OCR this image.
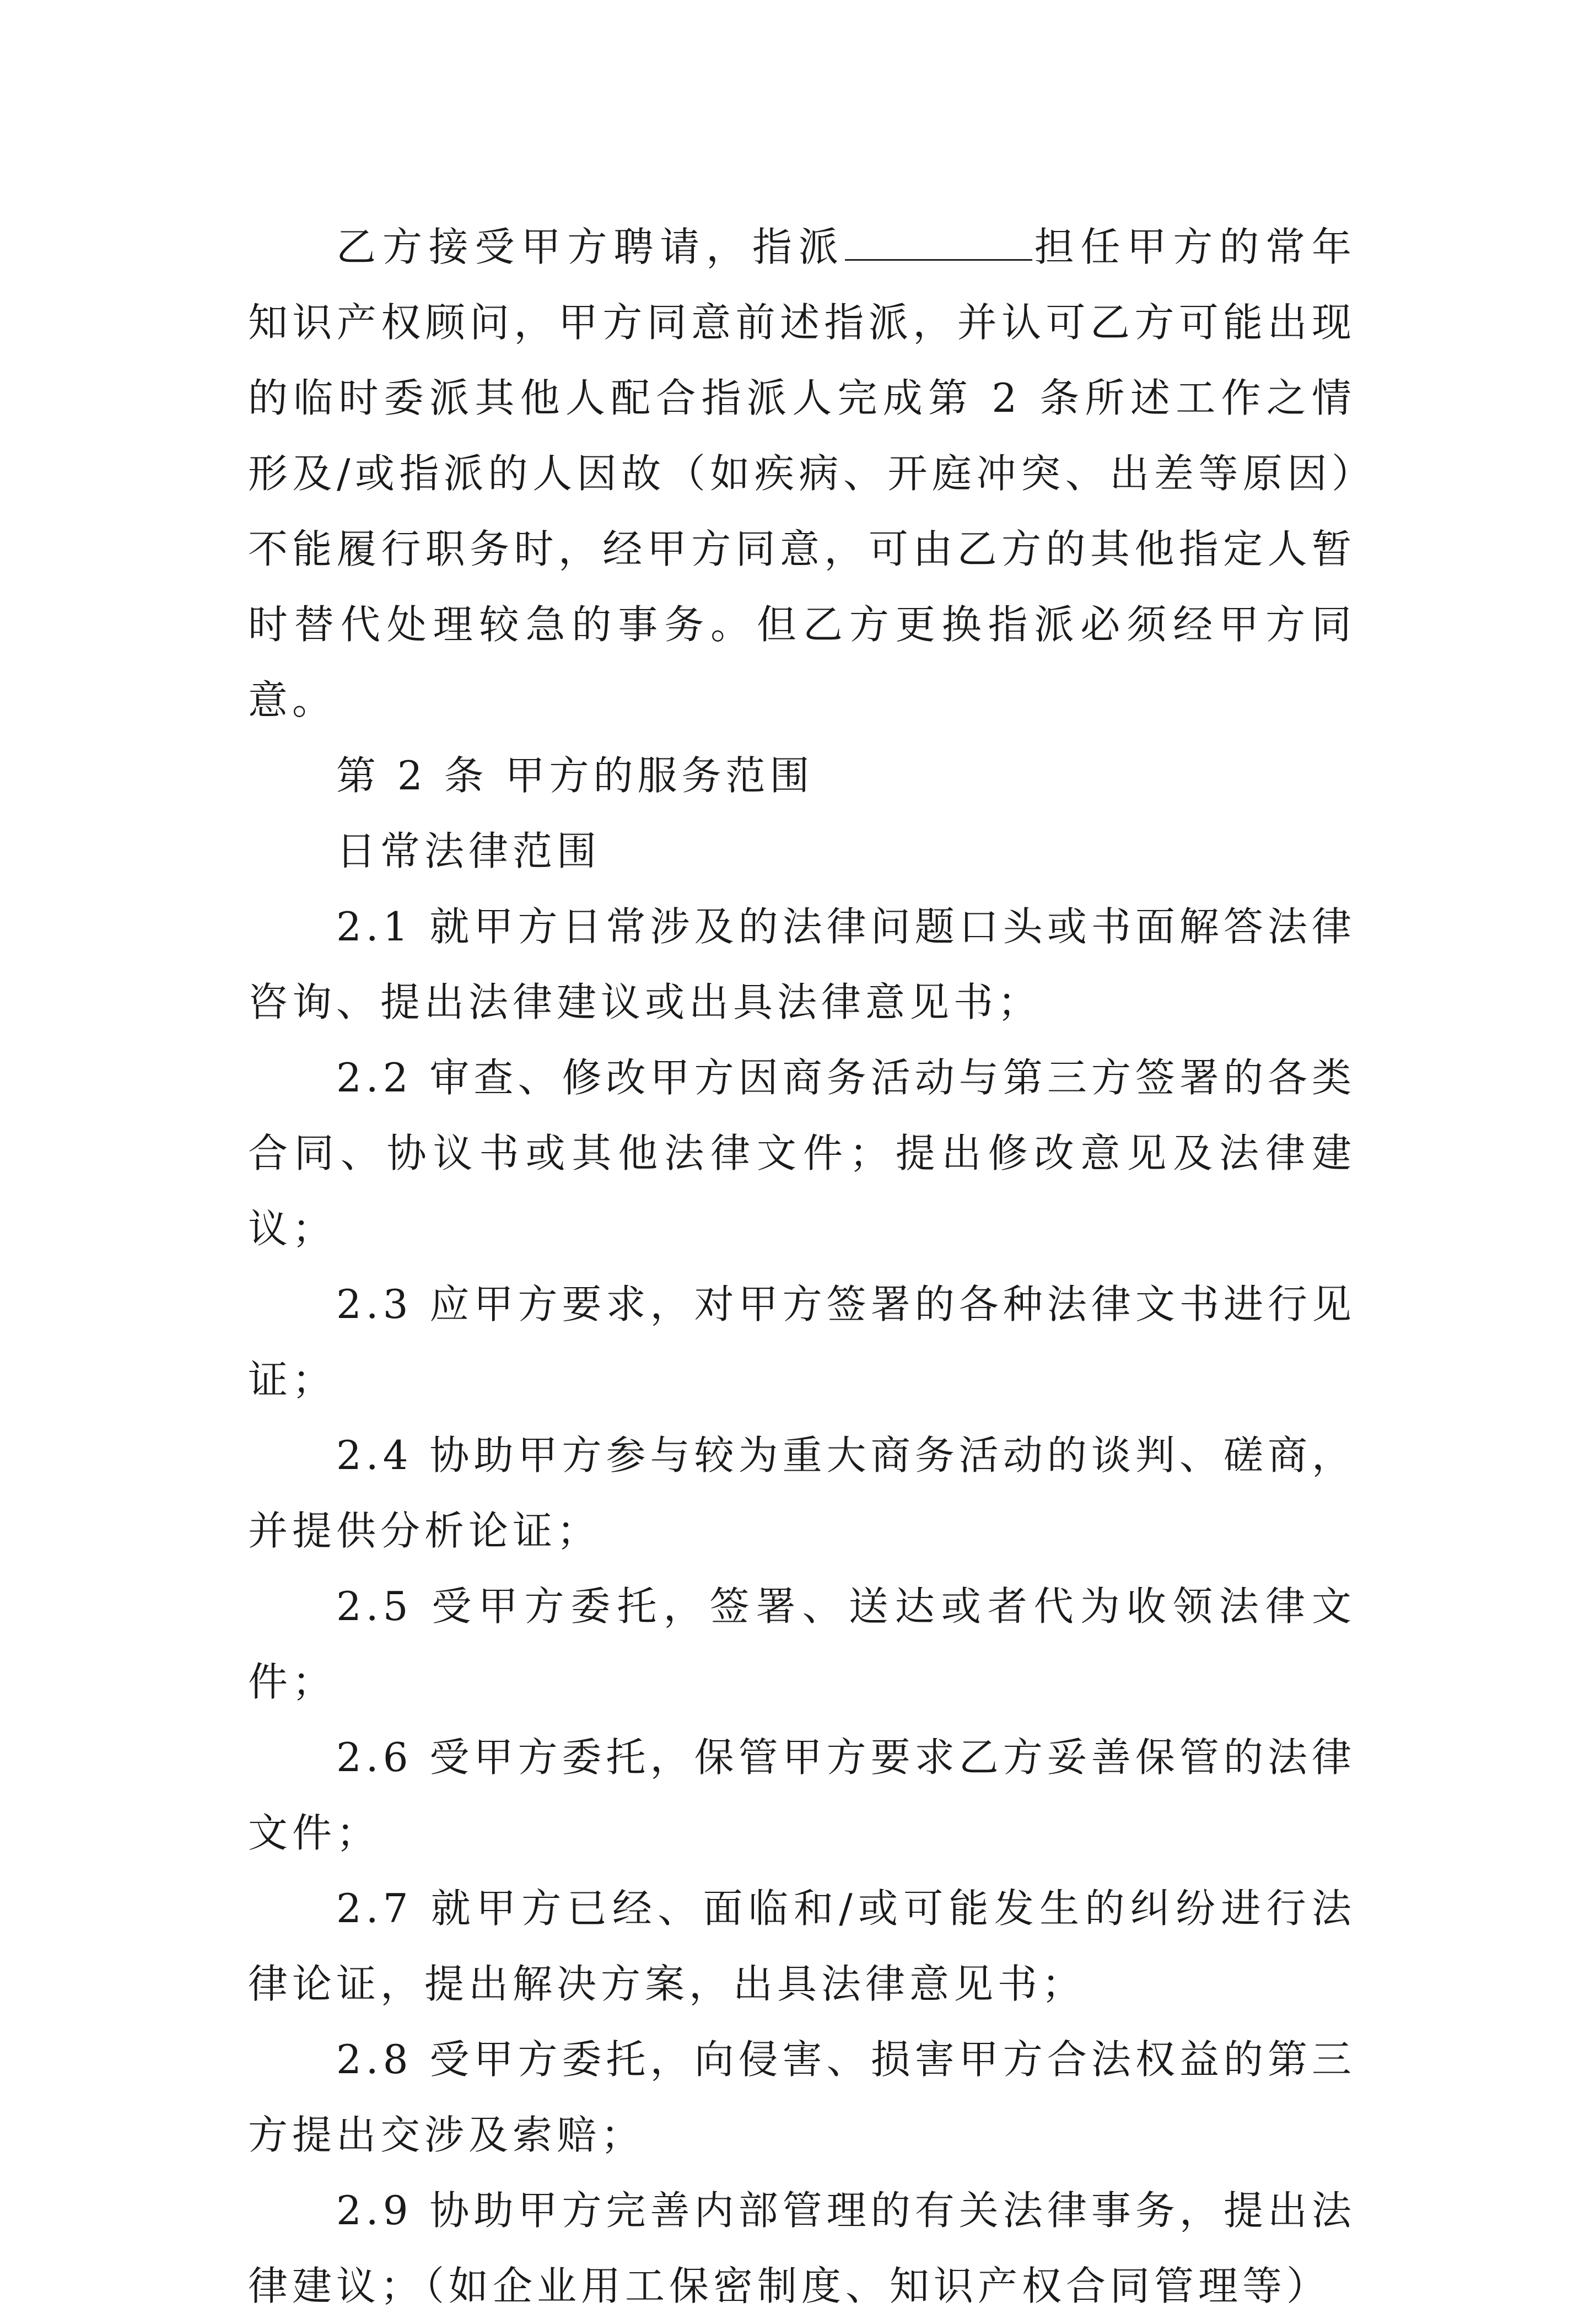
乙方接受甲方聘请，指派	担任甲方的常年知识产权顾问，甲方同意前述指派，并认可乙方可能出现的临时委派其他人配合指派人完成第 2 条所述工作之情形及/或指派的人因故（如疾病、开庭冲突、出差等原因）不能履行职务时，经甲方同意，可由乙方的其他指定人暂时替代处理较急的事务。但乙方更换指派必须经甲方同意。

第 2 条 甲方的服务范围

日常法律范围

2.1 就甲方日常涉及的法律问题口头或书面解答法律咨询、提出法律建议或出具法律意见书；

2.2 审查、修改甲方因商务活动与第三方签署的各类合同、协议书或其他法律文件；提出修改意见及法律建议；

2.3 应甲方要求，对甲方签署的各种法律文书进行见证；

2.4 协助甲方参与较为重大商务活动的谈判、磋商，并提供分析论证；

2.5 受甲方委托，签署、送达或者代为收领法律文件；

2.6 受甲方委托，保管甲方要求乙方妥善保管的法律文件；

2.7 就甲方已经、面临和/或可能发生的纠纷进行法律论证，提出解决方案，出具法律意见书；

2.8 受甲方委托，向侵害、损害甲方合法权益的第三方提出交涉及索赔；

2.9 协助甲方完善内部管理的有关法律事务，提出法律建议；（如企业用工保密制度、知识产权合同管理等）
